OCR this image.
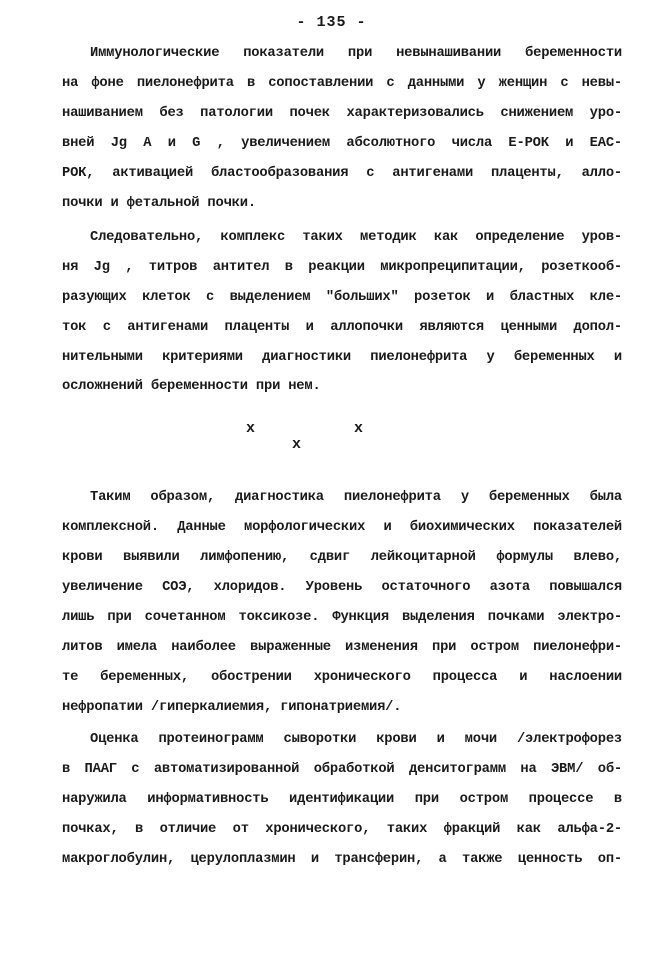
- 135 -
Иммунологические показатели при невынашивании беременности
на фоне пиелонефрита в сопоставлении с данными у женщин с невы-
нашиванием без патологии почек характеризовались снижением уро-
вней Jg А и G , увеличением абсолютного числа Е-РОК и ЕАС-
РОК, активацией бластообразования с антигенами плаценты, алло-
почки и фетальной почки.
Следовательно, комплекс таких методик как определение уров-
ня Jg , титров антител в реакции микропреципитации, розеткооб-
разующих клеток с выделением "больших" розеток и бластных кле-
ток с антигенами плаценты и аллопочки являются ценными допол-
нительными критериями диагностики пиелонефрита у беременных и
осложнений беременности при нем.
x	x
x
Таким образом, диагностика пиелонефрита у беременных была
комплексной. Данные морфологических и биохимических показателей
крови выявили лимфопению, сдвиг лейкоцитарной формулы влево,
увеличение СОЭ, хлоридов. Уровень остаточного азота повышался
лишь при сочетанном токсикозе. Функция выделения почками электро-
литов имела наиболее выраженные изменения при остром пиелонефри-
те беременных, обострении хронического процесса и наслоении
нефропатии /гиперкалиемия, гипонатриемия/.
Оценка протеинограмм сыворотки крови и мочи /электрофорез
в ПААГ с автоматизированной обработкой денситограмм на ЭВМ/ об-
наружила информативность идентификации при остром процессе в
почках, в отличие от хронического, таких фракций как альфа-2-
макроглобулин, церулоплазмин и трансферин, а также ценность оп-
